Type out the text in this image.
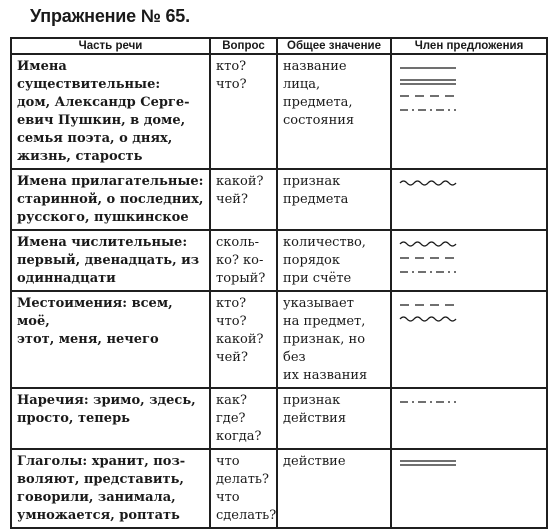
Упражнение № 65.
Часть речи	Вопрос	Общее значение	Член предложения
Имена существительные:
дом, Александр Серге-
евич Пушкин, в доме,
семья поэта, о днях,
жизнь, старость	кто?
что?	название лица,
предмета,
состояния	

Имена прилагательные:
старинной, о последних,
русского, пушкинское	какой?
чей?	признак
предмета	

Имена числительные:
первый, двенадцать, из
одиннадцати	сколь-
ко? ко-
торый?	количество,
порядок
при счёте	

Местоимения: всем, моё,
этот, меня, нечего	кто?
что?
какой?
чей?	указывает
на предмет,
признак, но без
их названия	

Наречия: зримо, здесь,
просто, теперь	как?
где?
когда?	признак
действия	

Глаголы: хранит, поз-
воляют, представить,
говорили, занимала,
умножается, роптать	что
делать?
что
сделать?	действие	
